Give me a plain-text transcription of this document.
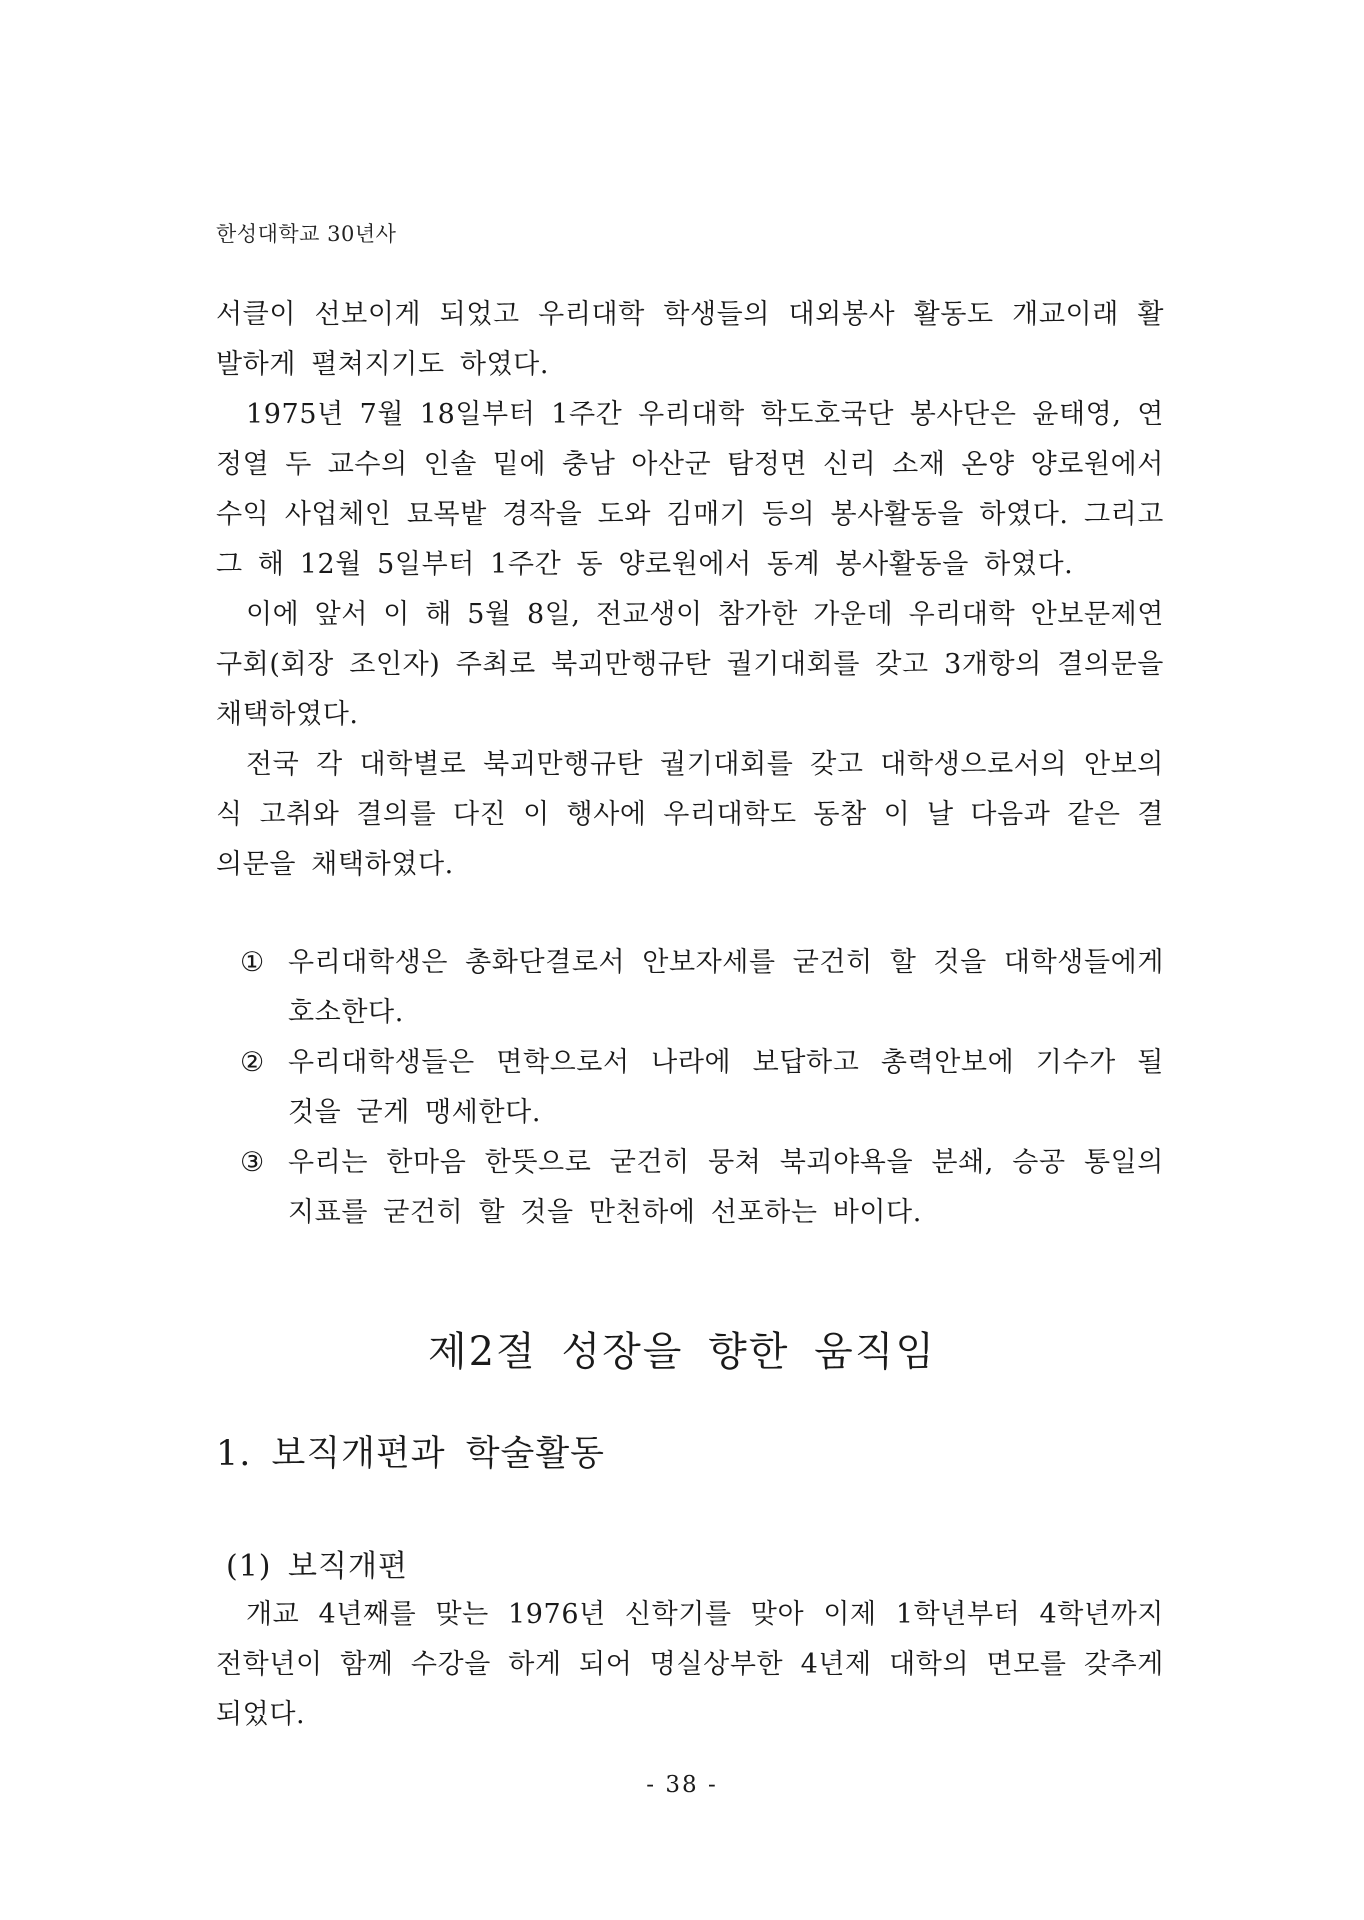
한성대학교 30년사

서클이 선보이게 되었고 우리대학 학생들의 대외봉사 활동도 개교이래 활발하게 펼쳐지기도 하였다.

1975년 7월 18일부터 1주간 우리대학 학도호국단 봉사단은 윤태영, 연정열 두 교수의 인솔 밑에 충남 아산군 탐정면 신리 소재 온양 양로원에서 수익 사업체인 묘목밭 경작을 도와 김매기 등의 봉사활동을 하였다. 그리고 그 해 12월 5일부터 1주간 동 양로원에서 동계 봉사활동을 하였다.

이에 앞서 이 해 5월 8일, 전교생이 참가한 가운데 우리대학 안보문제연구회(회장 조인자) 주최로 북괴만행규탄 궐기대회를 갖고 3개항의 결의문을 채택하였다.

전국 각 대학별로 북괴만행규탄 궐기대회를 갖고 대학생으로서의 안보의식 고취와 결의를 다진 이 행사에 우리대학도 동참 이 날 다음과 같은 결의문을 채택하였다.

① 우리대학생은 총화단결로서 안보자세를 굳건히 할 것을 대학생들에게 호소한다.
② 우리대학생들은 면학으로서 나라에 보답하고 총력안보에 기수가 될 것을 굳게 맹세한다.
③ 우리는 한마음 한뜻으로 굳건히 뭉쳐 북괴야욕을 분쇄, 승공 통일의 지표를 굳건히 할 것을 만천하에 선포하는 바이다.
제2절 성장을 향한 움직임
1. 보직개편과 학술활동
(1) 보직개편

개교 4년째를 맞는 1976년 신학기를 맞아 이제 1학년부터 4학년까지 전학년이 함께 수강을 하게 되어 명실상부한 4년제 대학의 면모를 갖추게 되었다.

- 38 -
